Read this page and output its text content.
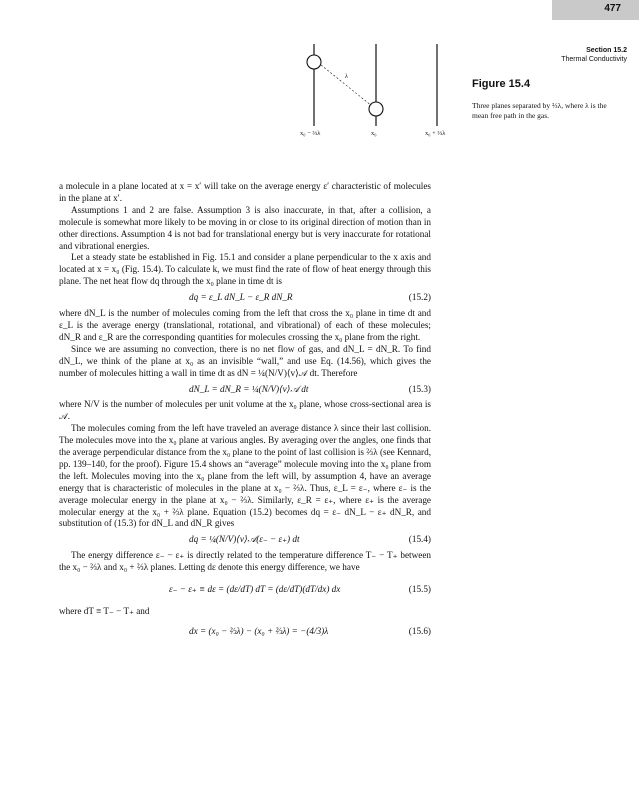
477
Section 15.2
Thermal Conductivity
λ
x₀ − ⅔λ	x₀	x₀ + ⅔λ
Figure 15.4
Three planes separated by ⅔λ, where λ is the mean free path in the gas.

a molecule in a plane located at x = x′ will take on the average energy ε′ characteristic of molecules in the plane at x′.

Assumptions 1 and 2 are false. Assumption 3 is also inaccurate, in that, after a collision, a molecule is somewhat more likely to be moving in or close to its original direction of motion than in other directions. Assumption 4 is not bad for translational energy but is very inaccurate for rotational and vibrational energies.

Let a steady state be established in Fig. 15.1 and consider a plane perpendicular to the x axis and located at x = x₀ (Fig. 15.4). To calculate k, we must find the rate of flow of heat energy through this plane. The net heat flow dq through the x₀ plane in time dt is

dq = ε_L dN_L − ε_R dN_R	(15.2)

where dN_L is the number of molecules coming from the left that cross the x₀ plane in time dt and ε_L is the average energy (translational, rotational, and vibrational) of each of these molecules; dN_R and ε_R are the corresponding quantities for molecules crossing the x₀ plane from the right.

Since we are assuming no convection, there is no net flow of gas, and dN_L = dN_R. To find dN_L, we think of the plane at x₀ as an invisible “wall,” and use Eq. (14.56), which gives the number of molecules hitting a wall in time dt as dN = ¼(N/V)⟨v⟩𝒜 dt. Therefore

dN_L = dN_R = ¼(N/V)⟨v⟩𝒜 dt	(15.3)

where N/V is the number of molecules per unit volume at the x₀ plane, whose cross-sectional area is 𝒜.

The molecules coming from the left have traveled an average distance λ since their last collision. The molecules move into the x₀ plane at various angles. By averaging over the angles, one finds that the average perpendicular distance from the x₀ plane to the point of last collision is ⅔λ (see Kennard, pp. 139–140, for the proof). Figure 15.4 shows an “average” molecule moving into the x₀ plane from the left. Molecules moving into the x₀ plane from the left will, by assumption 4, have an average energy that is characteristic of molecules in the plane at x₀ − ⅔λ. Thus, ε_L = ε₋, where ε₋ is the average molecular energy in the plane at x₀ − ⅔λ. Similarly, ε_R = ε₊, where ε₊ is the average molecular energy at the x₀ + ⅔λ plane. Equation (15.2) becomes dq = ε₋ dN_L − ε₊ dN_R, and substitution of (15.3) for dN_L and dN_R gives

dq = ¼(N/V)⟨v⟩𝒜(ε₋ − ε₊) dt	(15.4)

The energy difference ε₋ − ε₊ is directly related to the temperature difference T₋ − T₊ between the x₀ − ⅔λ and x₀ + ⅔λ planes. Letting dε denote this energy difference, we have

ε₋ − ε₊ ≡ dε = (dε/dT) dT = (dε/dT)(dT/dx) dx	(15.5)

where dT ≡ T₋ − T₊ and

dx = (x₀ − ⅔λ) − (x₀ + ⅔λ) = −(4/3)λ	(15.6)
